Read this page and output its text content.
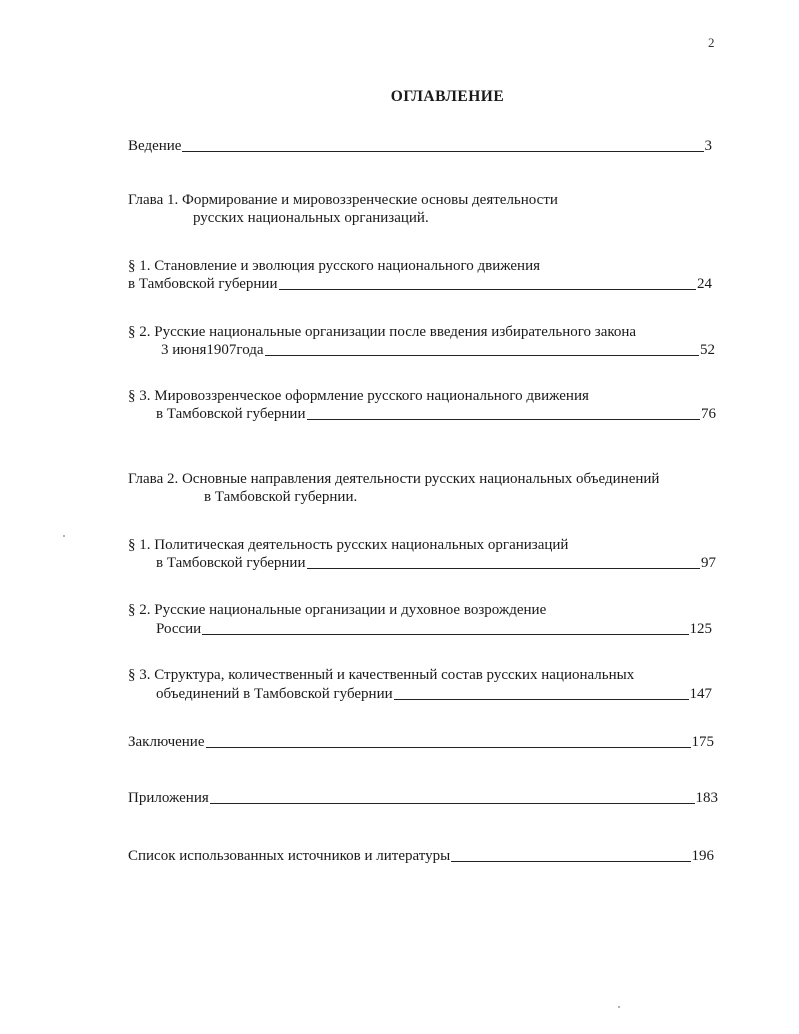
2
ОГЛАВЛЕНИЕ
Ведение	3
Глава 1. Формирование и мировоззренческие основы деятельности
русских национальных организаций.
§ 1. Становление и эволюция русского национального движения
в Тамбовской губернии	24
§ 2. Русские национальные организации после введения избирательного закона
3 июня1907года	52
§ 3. Мировоззренческое оформление русского национального движения
в Тамбовской губернии	76
Глава 2. Основные направления деятельности русских национальных объединений
в Тамбовской губернии.
§ 1. Политическая деятельность русских национальных организаций
в Тамбовской губернии	97
§ 2. Русские национальные организации и духовное возрождение
России	125
§ 3. Структура, количественный и качественный состав русских национальных
объединений в Тамбовской губернии	147
Заключение	175
Приложения	183
Список использованных источников и литературы	196
